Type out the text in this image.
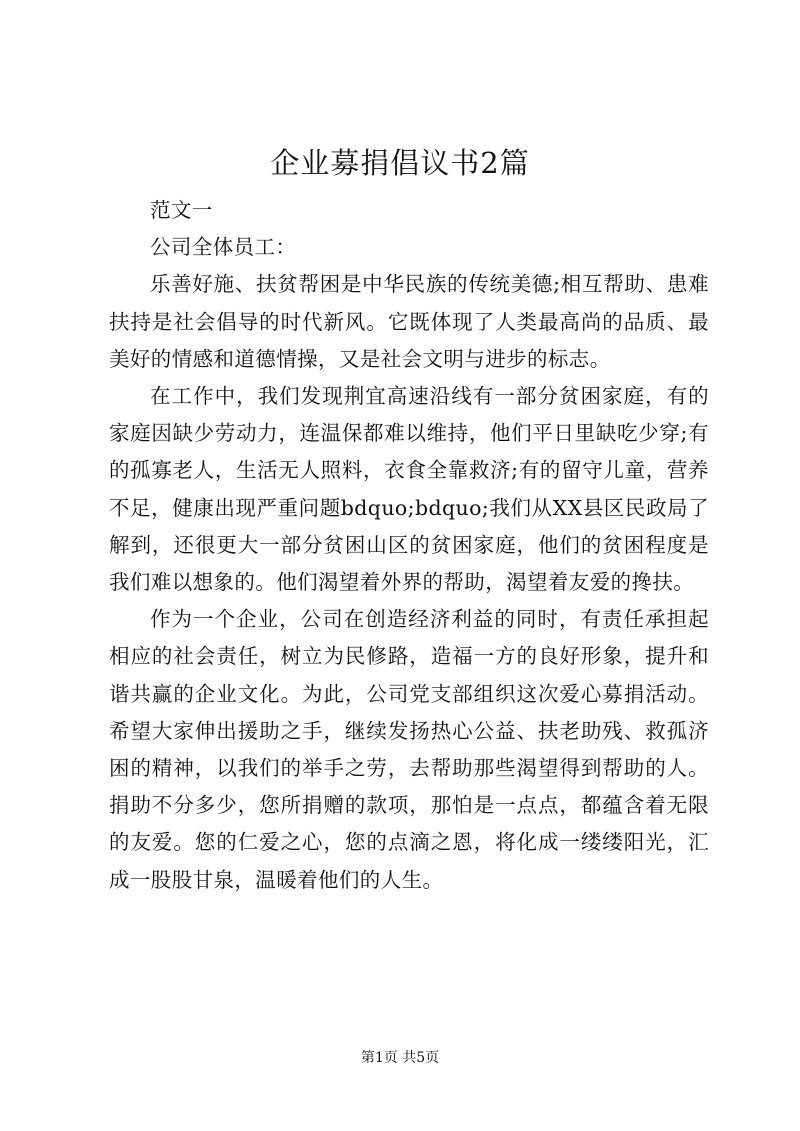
企业募捐倡议书2篇

范文一

公司全体员工：

乐善好施、扶贫帮困是中华民族的传统美德;相互帮助、患难扶持是社会倡导的时代新风。它既体现了人类最高尚的品质、最美好的情感和道德情操，又是社会文明与进步的标志。

在工作中，我们发现荆宜高速沿线有一部分贫困家庭，有的家庭因缺少劳动力，连温保都难以维持，他们平日里缺吃少穿;有的孤寡老人，生活无人照料，衣食全靠救济;有的留守儿童，营养不足，健康出现严重问题bdquo;bdquo;我们从XX县区民政局了解到，还很更大一部分贫困山区的贫困家庭，他们的贫困程度是我们难以想象的。他们渴望着外界的帮助，渴望着友爱的搀扶。

作为一个企业，公司在创造经济利益的同时，有责任承担起相应的社会责任，树立为民修路，造福一方的良好形象，提升和谐共赢的企业文化。为此，公司党支部组织这次爱心募捐活动。希望大家伸出援助之手，继续发扬热心公益、扶老助残、救孤济困的精神，以我们的举手之劳，去帮助那些渴望得到帮助的人。捐助不分多少，您所捐赠的款项，那怕是一点点，都蕴含着无限的友爱。您的仁爱之心，您的点滴之恩，将化成一缕缕阳光，汇成一股股甘泉，温暖着他们的人生。

第1页 共5页
